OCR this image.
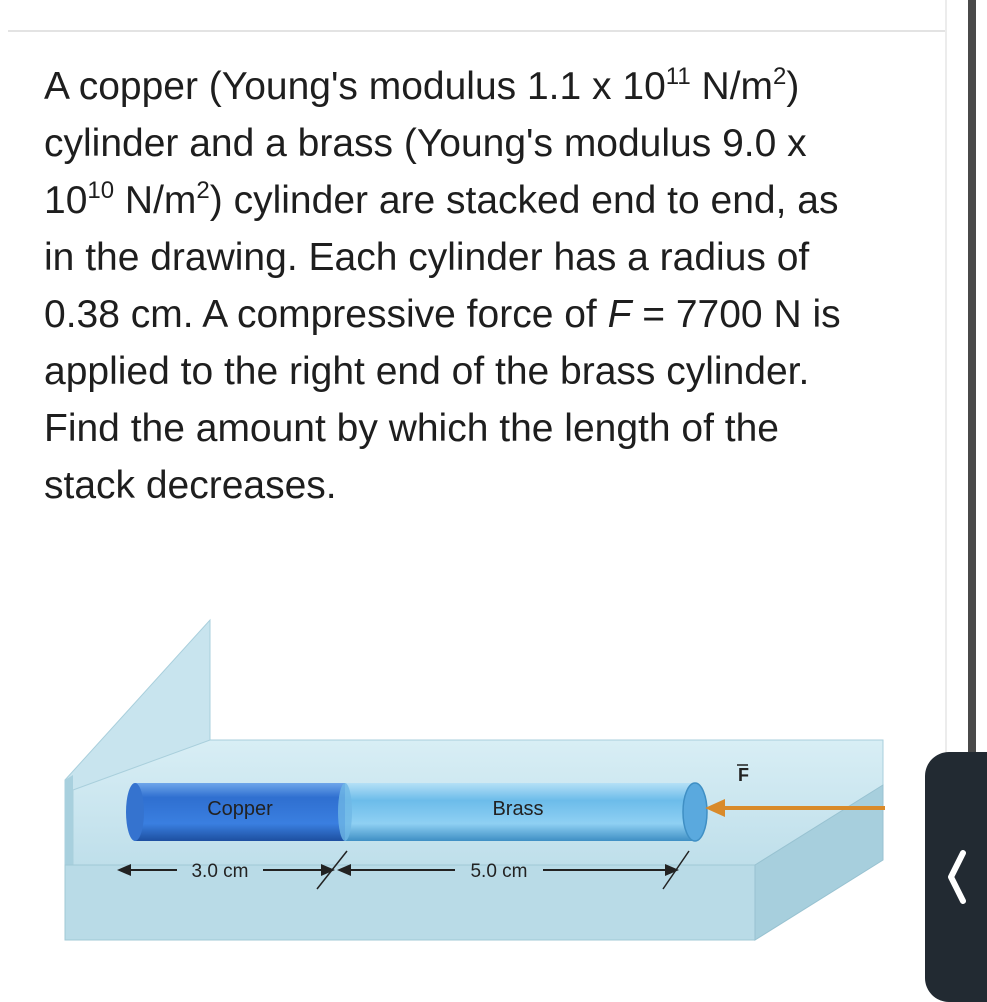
A copper (Young's modulus 1.1 x $10^{11}$ $N/m^2$)
cylinder and a brass (Young's modulus 9.0 x
$10^{10}$ $N/m^2$) cylinder are stacked end to end, as
in the drawing. Each cylinder has a radius of
0.38 cm. A compressive force of F = 7700 N is
applied to the right end of the brass cylinder.
Find the amount by which the length of the
stack decreases.
Copper	Brass
F
3.0 cm	5.0 cm
